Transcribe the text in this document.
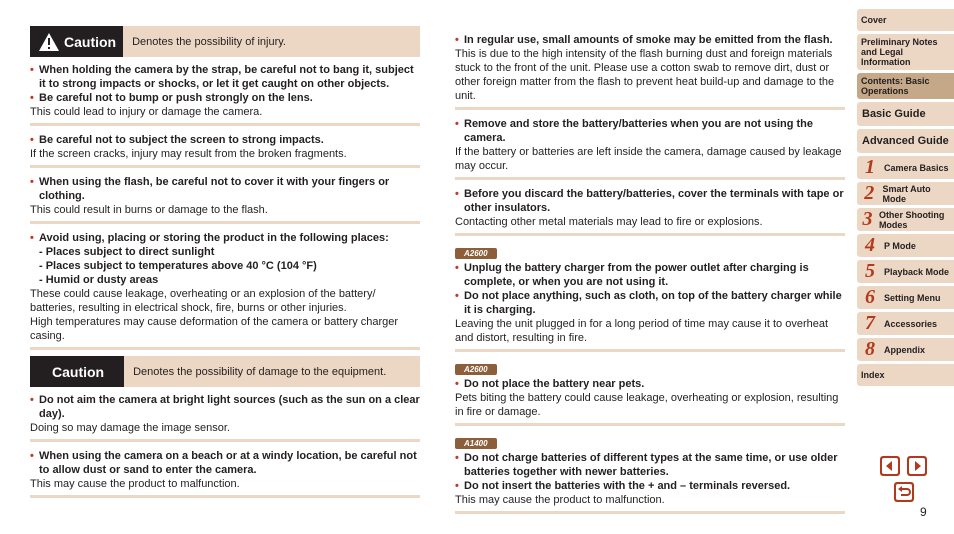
Caution	Denotes the possibility of injury.
• When holding the camera by the strap, be careful not to bang it, subject it to strong impacts or shocks, or let it get caught on other objects.
• Be careful not to bump or push strongly on the lens.
This could lead to injury or damage the camera.
• Be careful not to subject the screen to strong impacts.
If the screen cracks, injury may result from the broken fragments.
• When using the flash, be careful not to cover it with your fingers or clothing.
This could result in burns or damage to the flash.
• Avoid using, placing or storing the product in the following places:
- Places subject to direct sunlight
- Places subject to temperatures above 40 °C (104 °F)
- Humid or dusty areas
These could cause leakage, overheating or an explosion of the battery/ batteries, resulting in electrical shock, fire, burns or other injuries.
High temperatures may cause deformation of the camera or battery charger casing.
Caution	Denotes the possibility of damage to the equipment.
• Do not aim the camera at bright light sources (such as the sun on a clear day).
Doing so may damage the image sensor.
• When using the camera on a beach or at a windy location, be careful not to allow dust or sand to enter the camera.
This may cause the product to malfunction.
• In regular use, small amounts of smoke may be emitted from the flash.
This is due to the high intensity of the flash burning dust and foreign materials stuck to the front of the unit. Please use a cotton swab to remove dirt, dust or other foreign matter from the flash to prevent heat build-up and damage to the unit.
• Remove and store the battery/batteries when you are not using the camera.
If the battery or batteries are left inside the camera, damage caused by leakage may occur.
• Before you discard the battery/batteries, cover the terminals with tape or other insulators.
Contacting other metal materials may lead to fire or explosions.
A2600
• Unplug the battery charger from the power outlet after charging is complete, or when you are not using it.
• Do not place anything, such as cloth, on top of the battery charger while it is charging.
Leaving the unit plugged in for a long period of time may cause it to overheat and distort, resulting in fire.
A2600
• Do not place the battery near pets.
Pets biting the battery could cause leakage, overheating or explosion, resulting in fire or damage.
A1400
• Do not charge batteries of different types at the same time, or use older batteries together with newer batteries.
• Do not insert the batteries with the + and – terminals reversed.
This may cause the product to malfunction.
Cover
Preliminary Notes and Legal Information
Contents: Basic Operations
Basic Guide
Advanced Guide
1	Camera Basics
2 Smart Auto Mode
3 Other Shooting Modes
4	P Mode
5	Playback Mode
6	Setting Menu
7	Accessories
8	Appendix
Index
9
